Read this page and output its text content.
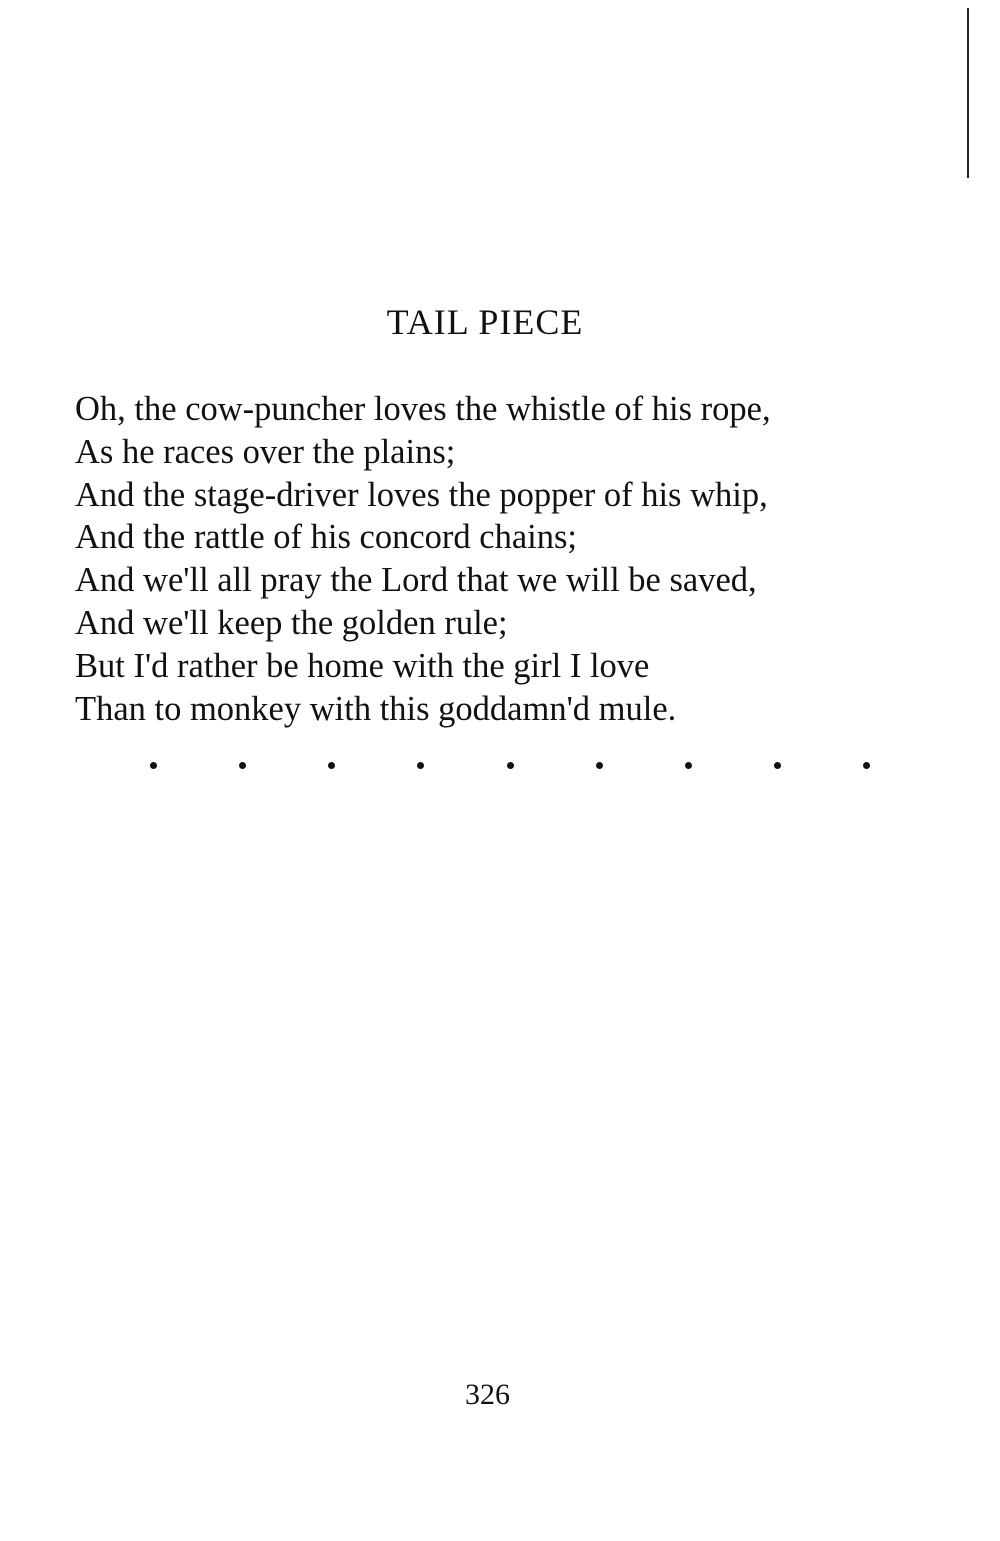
TAIL PIECE
Oh, the cow-puncher loves the whistle of his rope,
As he races over the plains;
And the stage-driver loves the popper of his whip,
And the rattle of his concord chains;
And we'll all pray the Lord that we will be saved,
And we'll keep the golden rule;
But I'd rather be home with the girl I love
Than to monkey with this goddamn'd mule.
326
